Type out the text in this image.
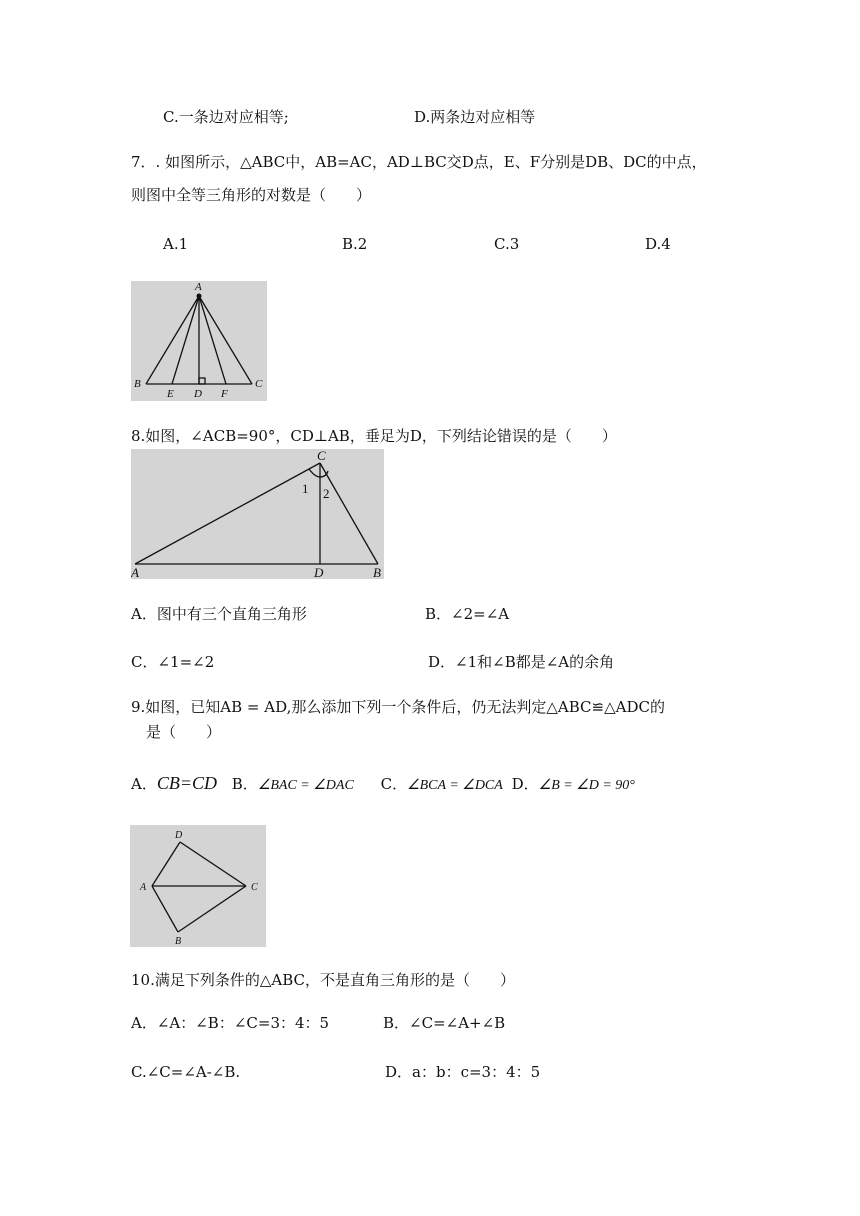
C.一条边对应相等;	D.两条边对应相等
7．. 如图所示，△ABC中，AB=AC，AD⊥BC交D点，E、F分别是DB、DC的中点，
则图中全等三角形的对数是（　　）
A.1	B.2	C.3	D.4
A
B	C
E D F
8.如图，∠ACB=90°，CD⊥AB，垂足为D，下列结论错误的是（　　）
C
A	D	B
1 2
A．图中有三个直角三角形	B．∠2=∠A
C．∠1=∠2	D．∠1和∠B都是∠A的余角
9.如图，已知AB = AD,那么添加下列一个条件后，仍无法判定△ABC≌△ADC的
是（　　）
A．CB=CD B．∠BAC = ∠DAC C．∠BCA = ∠DCA D．∠B = ∠D = 90°
D
A	C
B
10.满足下列条件的△ABC，不是直角三角形的是（　　）
A．∠A：∠B：∠C=3：4：5	B．∠C=∠A+∠B
C.∠C=∠A-∠B.	D．a：b：c=3：4：5
